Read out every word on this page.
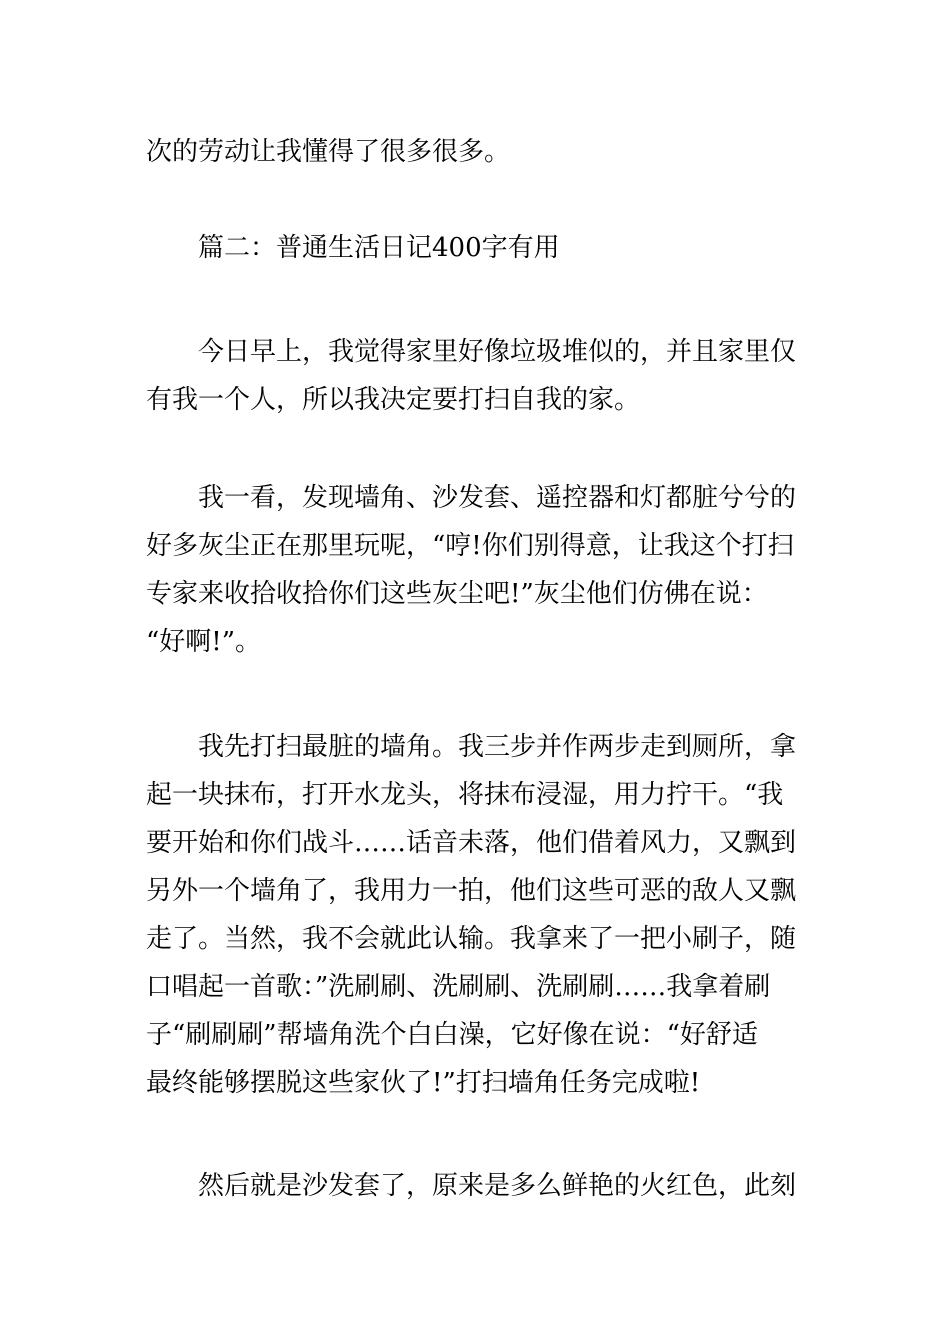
次的劳动让我懂得了很多很多。
篇二：普通生活日记400字有用
今日早上，我觉得家里好像垃圾堆似的，并且家里仅
有我一个人，所以我决定要打扫自我的家。
我一看，发现墙角、沙发套、遥控器和灯都脏兮兮的
好多灰尘正在那里玩呢，“哼!你们别得意，让我这个打扫
专家来收拾收拾你们这些灰尘吧!”灰尘他们仿佛在说：
“好啊!”。
我先打扫最脏的墙角。我三步并作两步走到厕所，拿
起一块抹布，打开水龙头，将抹布浸湿，用力拧干。“我
要开始和你们战斗……话音未落，他们借着风力，又飘到
另外一个墙角了，我用力一拍，他们这些可恶的敌人又飘
走了。当然，我不会就此认输。我拿来了一把小刷子，随
口唱起一首歌：”洗刷刷、洗刷刷、洗刷刷……我拿着刷
子“刷刷刷”帮墙角洗个白白澡，它好像在说：“好舒适
最终能够摆脱这些家伙了!”打扫墙角任务完成啦!
然后就是沙发套了，原来是多么鲜艳的火红色，此刻
